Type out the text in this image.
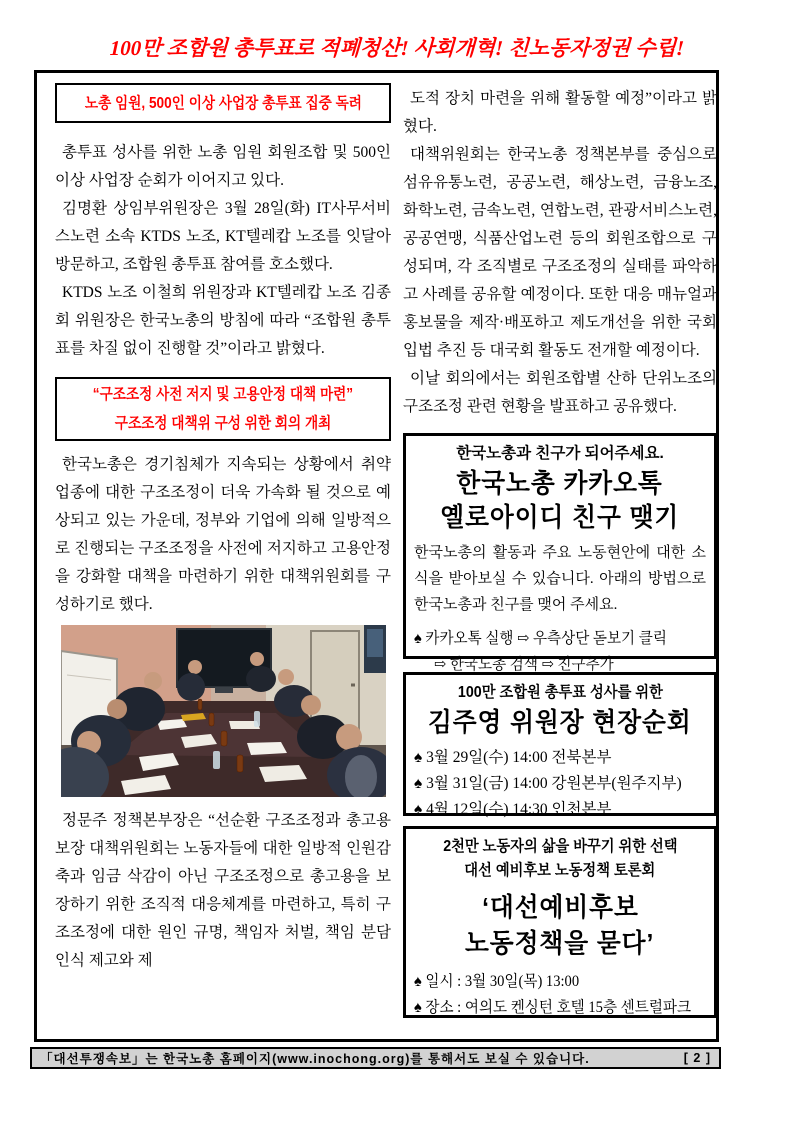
100만 조합원 총투표로 적폐청산! 사회개혁! 친노동자정권 수립!
노총 임원, 500인 이상 사업장 총투표 집중 독려

총투표 성사를 위한 노총 임원 회원조합 및 500인 이상 사업장 순회가 이어지고 있다.

김명환 상임부위원장은 3월 28일(화) IT사무서비스노련 소속 KTDS 노조, KT텔레캅 노조를 잇달아 방문하고, 조합원 총투표 참여를 호소했다.

KTDS 노조 이철희 위원장과 KT텔레캅 노조 김종회 위원장은 한국노총의 방침에 따라 “조합원 총투표를 차질 없이 진행할 것”이라고 밝혔다.

“구조조정 사전 저지 및 고용안정 대책 마련”
구조조정 대책위 구성 위한 회의 개최

한국노총은 경기침체가 지속되는 상황에서 취약업종에 대한 구조조정이 더욱 가속화 될 것으로 예상되고 있는 가운데, 정부와 기업에 의해 일방적으로 진행되는 구조조정을 사전에 저지하고 고용안정을 강화할 대책을 마련하기 위한 대책위원회를 구성하기로 했다.

정문주 정책본부장은 “선순환 구조조정과 총고용 보장 대책위원회는 노동자들에 대한 일방적 인원감축과 임금 삭감이 아닌 구조조정으로 총고용을 보장하기 위한 조직적 대응체계를 마련하고, 특히 구조조정에 대한 원인 규명, 책임자 처벌, 책임 분담 인식 제고와 제

도적 장치 마련을 위해 활동할 예정”이라고 밝혔다.

대책위원회는 한국노총 정책본부를 중심으로 섬유유통노련, 공공노련, 해상노련, 금융노조, 화학노련, 금속노련, 연합노련, 관광서비스노련, 공공연맹, 식품산업노련 등의 회원조합으로 구성되며, 각 조직별로 구조조정의 실태를 파악하고 사례를 공유할 예정이다. 또한 대응 매뉴얼과 홍보물을 제작·배포하고 제도개선을 위한 국회 입법 추진 등 대국회 활동도 전개할 예정이다.

이날 회의에서는 회원조합별 산하 단위노조의 구조조정 관련 현황을 발표하고 공유했다.

한국노총과 친구가 되어주세요.
한국노총 카카오톡
옐로아이디 친구 맺기

한국노총의 활동과 주요 노동현안에 대한 소식을 받아보실 수 있습니다. 아래의 방법으로 한국노총과 친구를 맺어 주세요.

♠ 카카오톡 실행 ⇨ 우측상단 돋보기 클릭
⇨ 한국노총 검색 ⇨ 친구추가
100만 조합원 총투표 성사를 위한
김주영 위원장 현장순회
♠ 3월 29일(수) 14:00 전북본부
♠ 3월 31일(금) 14:00 강원본부(원주지부)
♠ 4월 12일(수) 14:30 인천본부
2천만 노동자의 삶을 바꾸기 위한 선택
대선 예비후보 노동정책 토론회
‘대선예비후보
노동정책을 묻다’
♠ 일시 : 3월 30일(목) 13:00
♠ 장소 : 여의도 켄싱턴 호텔 15층 센트럴파크
「대선투쟁속보」는 한국노총 홈페이지(www.inochong.org)를 통해서도 보실 수 있습니다.	[ 2 ]
